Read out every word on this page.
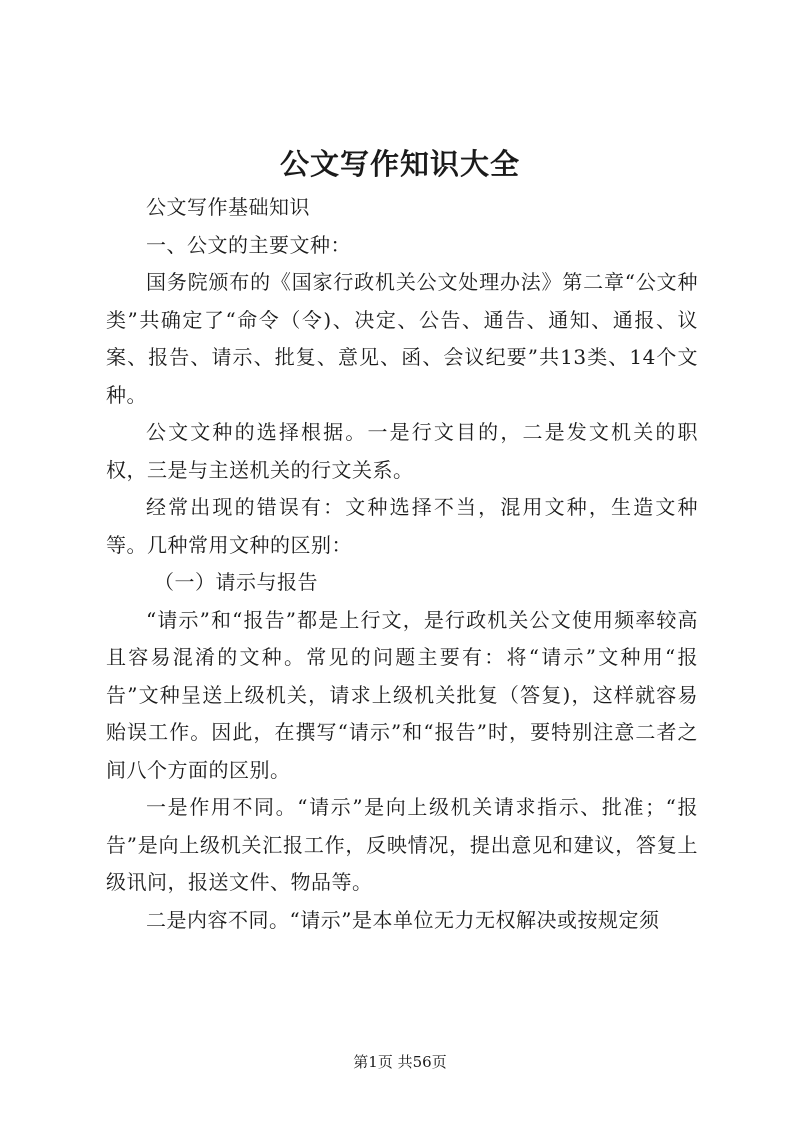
公文写作知识大全

公文写作基础知识

一、公文的主要文种：

国务院颁布的《国家行政机关公文处理办法》第二章“公文种类”共确定了“命令（令)、决定、公告、通告、通知、通报、议案、报告、请示、批复、意见、函、会议纪要”共13类、14个文种。

公文文种的选择根据。一是行文目的，二是发文机关的职权，三是与主送机关的行文关系。

经常出现的错误有：文种选择不当，混用文种，生造文种等。几种常用文种的区别：

（一）请示与报告

“请示”和“报告”都是上行文，是行政机关公文使用频率较高且容易混淆的文种。常见的问题主要有：将“请示”文种用“报告”文种呈送上级机关，请求上级机关批复（答复)，这样就容易贻误工作。因此，在撰写“请示”和“报告”时，要特别注意二者之间八个方面的区别。

一是作用不同。“请示”是向上级机关请求指示、批准；“报告”是向上级机关汇报工作，反映情况，提出意见和建议，答复上级讯问，报送文件、物品等。

二是内容不同。“请示”是本单位无力无权解决或按规定须

第1页 共56页
